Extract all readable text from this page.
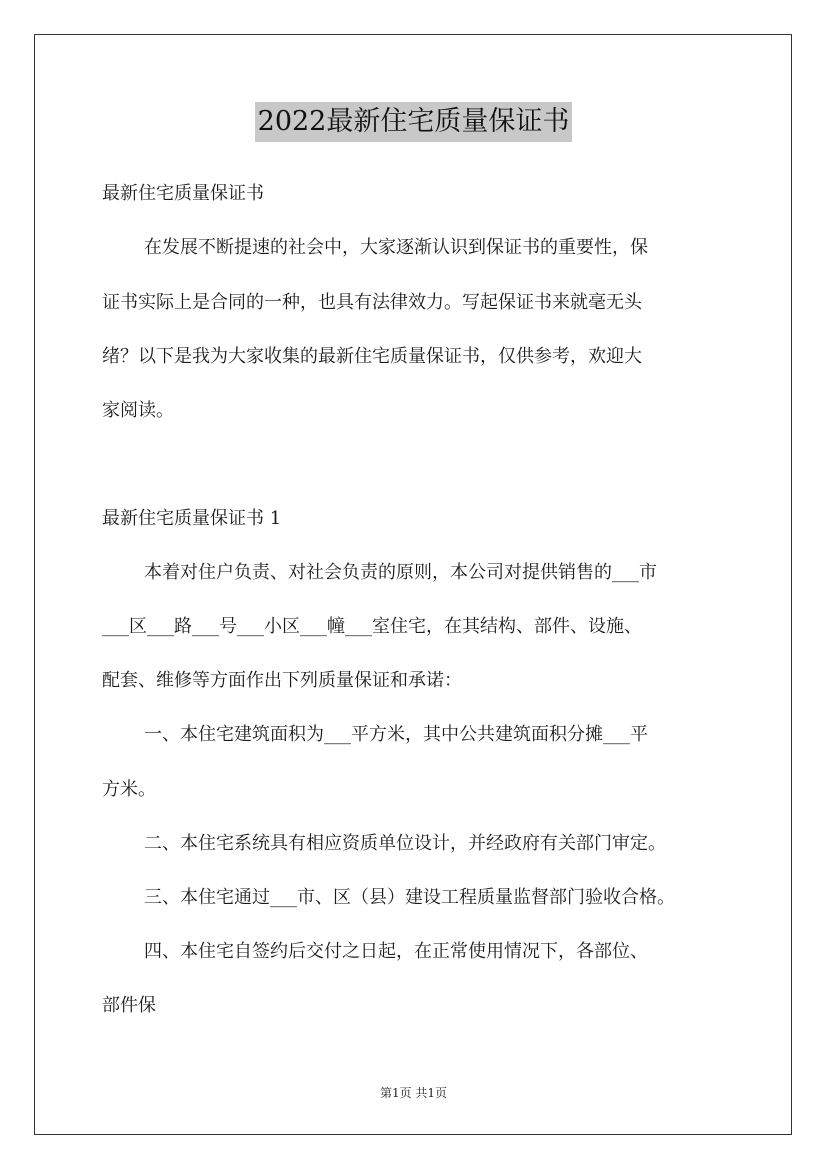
2022最新住宅质量保证书
最新住宅质量保证书
在发展不断提速的社会中，大家逐渐认识到保证书的重要性，保
证书实际上是合同的一种，也具有法律效力。写起保证书来就毫无头
绪？以下是我为大家收集的最新住宅质量保证书，仅供参考，欢迎大
家阅读。
最新住宅质量保证书 1
本着对住户负责、对社会负责的原则，本公司对提供销售的___市
___区___路___号___小区___幢___室住宅，在其结构、部件、设施、
配套、维修等方面作出下列质量保证和承诺：
一、本住宅建筑面积为___平方米，其中公共建筑面积分摊___平
方米。
二、本住宅系统具有相应资质单位设计，并经政府有关部门审定。
三、本住宅通过___市、区（县）建设工程质量监督部门验收合格。
四、本住宅自签约后交付之日起，在正常使用情况下，各部位、
部件保
第1页 共1页
